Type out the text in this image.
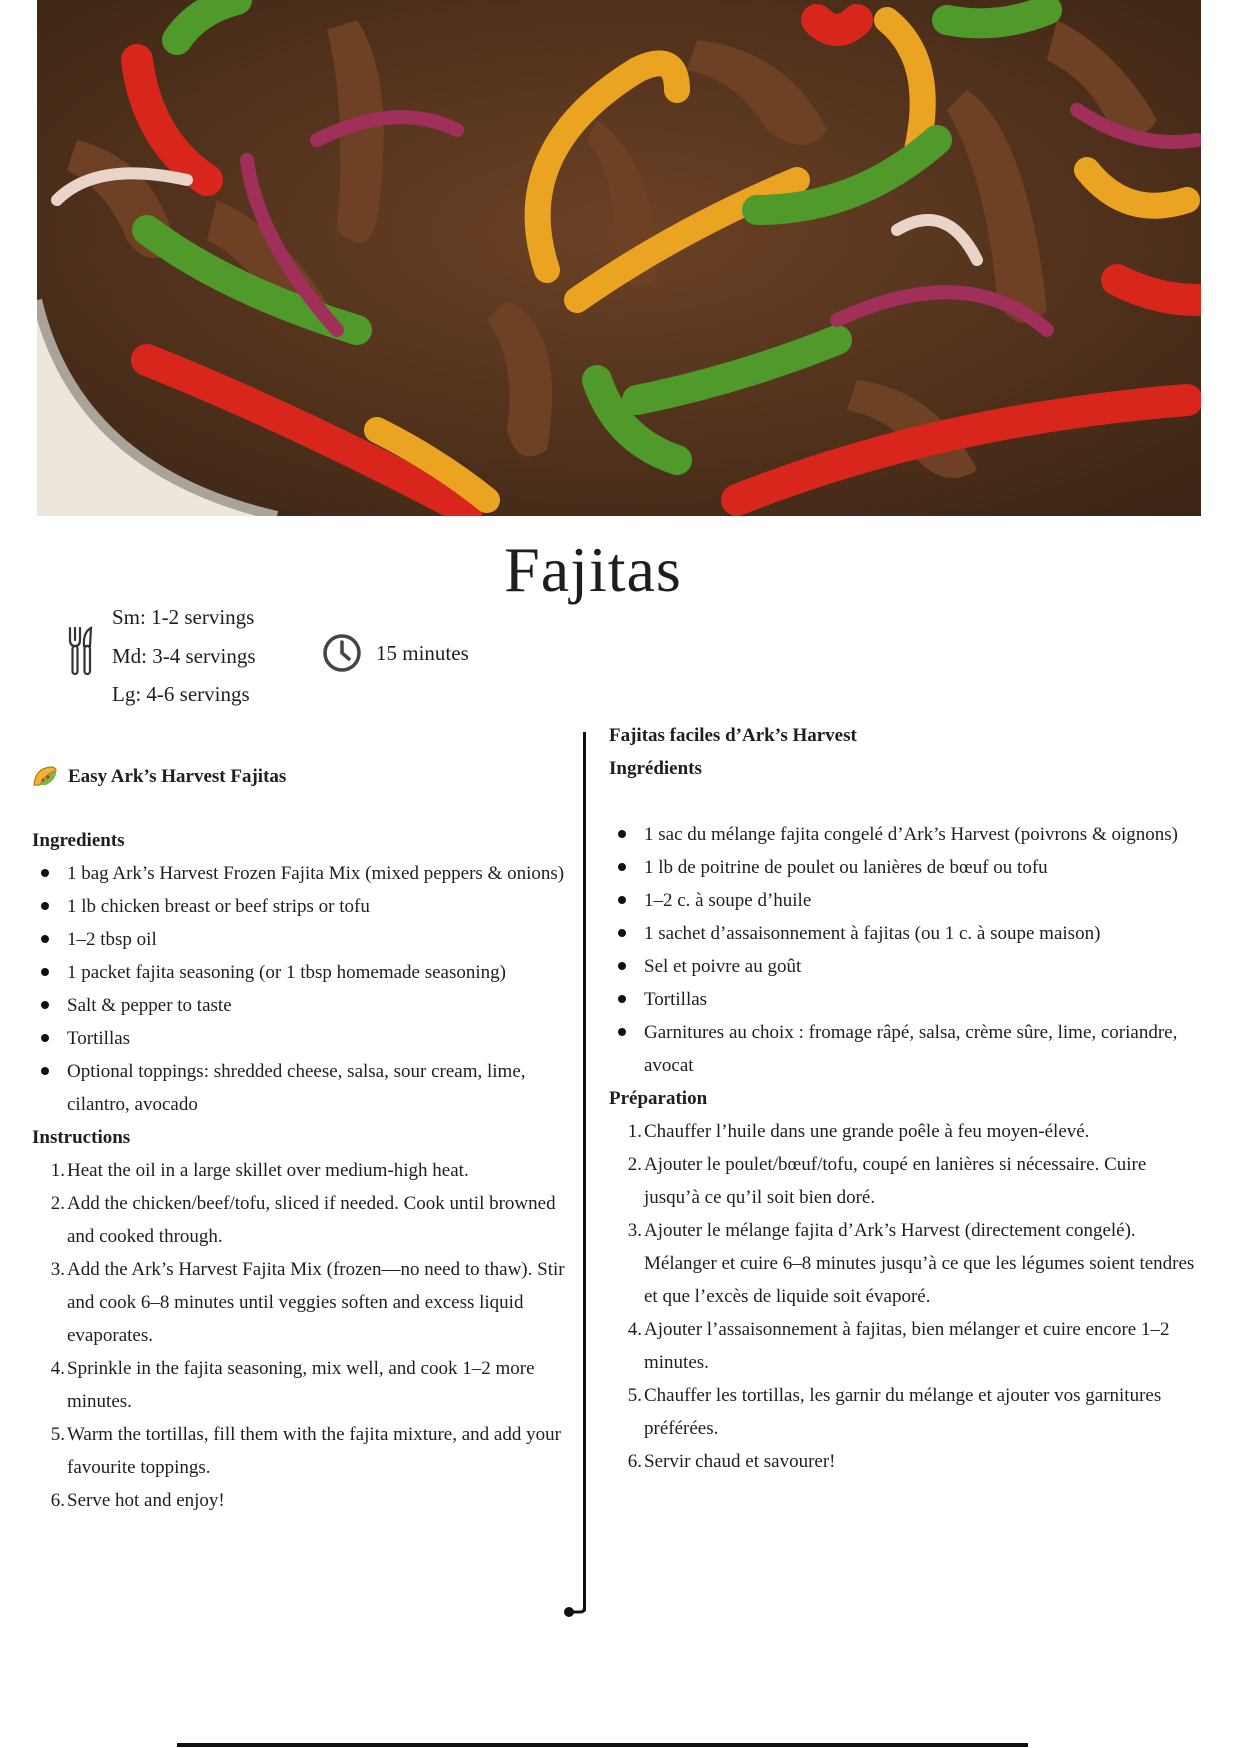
Fajitas
Sm: 1-2 servings
Md: 3-4 servings
Lg: 4-6 servings
15 minutes
Easy Ark’s Harvest Fajitas
Ingredients
1 bag Ark’s Harvest Frozen Fajita Mix (mixed peppers & onions)
1 lb chicken breast or beef strips or tofu
1–2 tbsp oil
1 packet fajita seasoning (or 1 tbsp homemade seasoning)
Salt & pepper to taste
Tortillas
Optional toppings: shredded cheese, salsa, sour cream, lime, cilantro, avocado
Instructions
1. Heat the oil in a large skillet over medium-high heat.
2. Add the chicken/beef/tofu, sliced if needed. Cook until browned and cooked through.
3. Add the Ark’s Harvest Fajita Mix (frozen—no need to thaw). Stir and cook 6–8 minutes until veggies soften and excess liquid evaporates.
4. Sprinkle in the fajita seasoning, mix well, and cook 1–2 more minutes.
5. Warm the tortillas, fill them with the fajita mixture, and add your favourite toppings.
6. Serve hot and enjoy!
Fajitas faciles d’Ark’s Harvest
Ingrédients
1 sac du mélange fajita congelé d’Ark’s Harvest (poivrons & oignons)
1 lb de poitrine de poulet ou lanières de bœuf ou tofu
1–2 c. à soupe d’huile
1 sachet d’assaisonnement à fajitas (ou 1 c. à soupe maison)
Sel et poivre au goût
Tortillas
Garnitures au choix : fromage râpé, salsa, crème sûre, lime, coriandre, avocat
Préparation
1. Chauffer l’huile dans une grande poêle à feu moyen-élevé.
2. Ajouter le poulet/bœuf/tofu, coupé en lanières si nécessaire. Cuire jusqu’à ce qu’il soit bien doré.
3. Ajouter le mélange fajita d’Ark’s Harvest (directement congelé). Mélanger et cuire 6–8 minutes jusqu’à ce que les légumes soient tendres et que l’excès de liquide soit évaporé.
4. Ajouter l’assaisonnement à fajitas, bien mélanger et cuire encore 1–2 minutes.
5. Chauffer les tortillas, les garnir du mélange et ajouter vos garnitures préférées.
6. Servir chaud et savourer!
